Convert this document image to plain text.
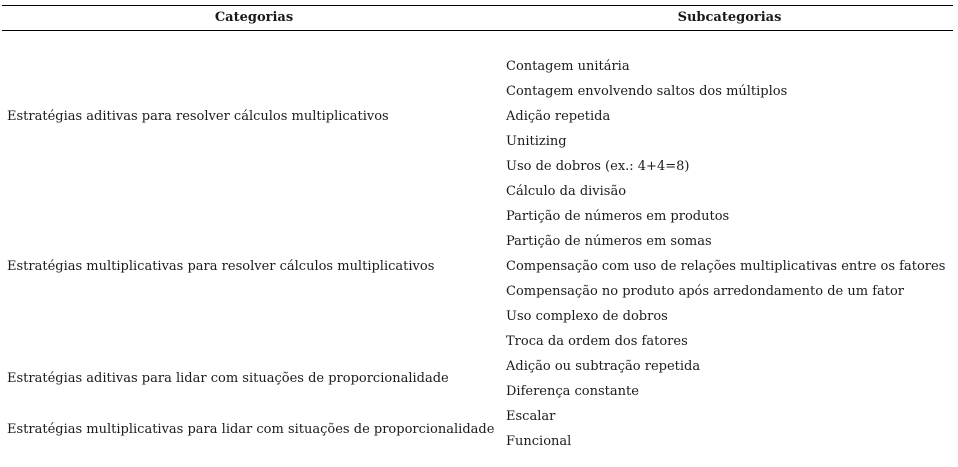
Categorias	Subcategorias
Estratégias aditivas para resolver cálculos multiplicativos
Estratégias multiplicativas para resolver cálculos multiplicativos
Estratégias aditivas para lidar com situações de proporcionalidade
Estratégias multiplicativas para lidar com situações de proporcionalidade
Contagem unitária
Contagem envolvendo saltos dos múltiplos
Adição repetida
Unitizing
Uso de dobros (ex.: 4+4=8)
Cálculo da divisão
Partição de números em produtos
Partição de números em somas
Compensação com uso de relações multiplicativas entre os fatores
Compensação no produto após arredondamento de um fator
Uso complexo de dobros
Troca da ordem dos fatores
Adição ou subtração repetida
Diferença constante
Escalar
Funcional
